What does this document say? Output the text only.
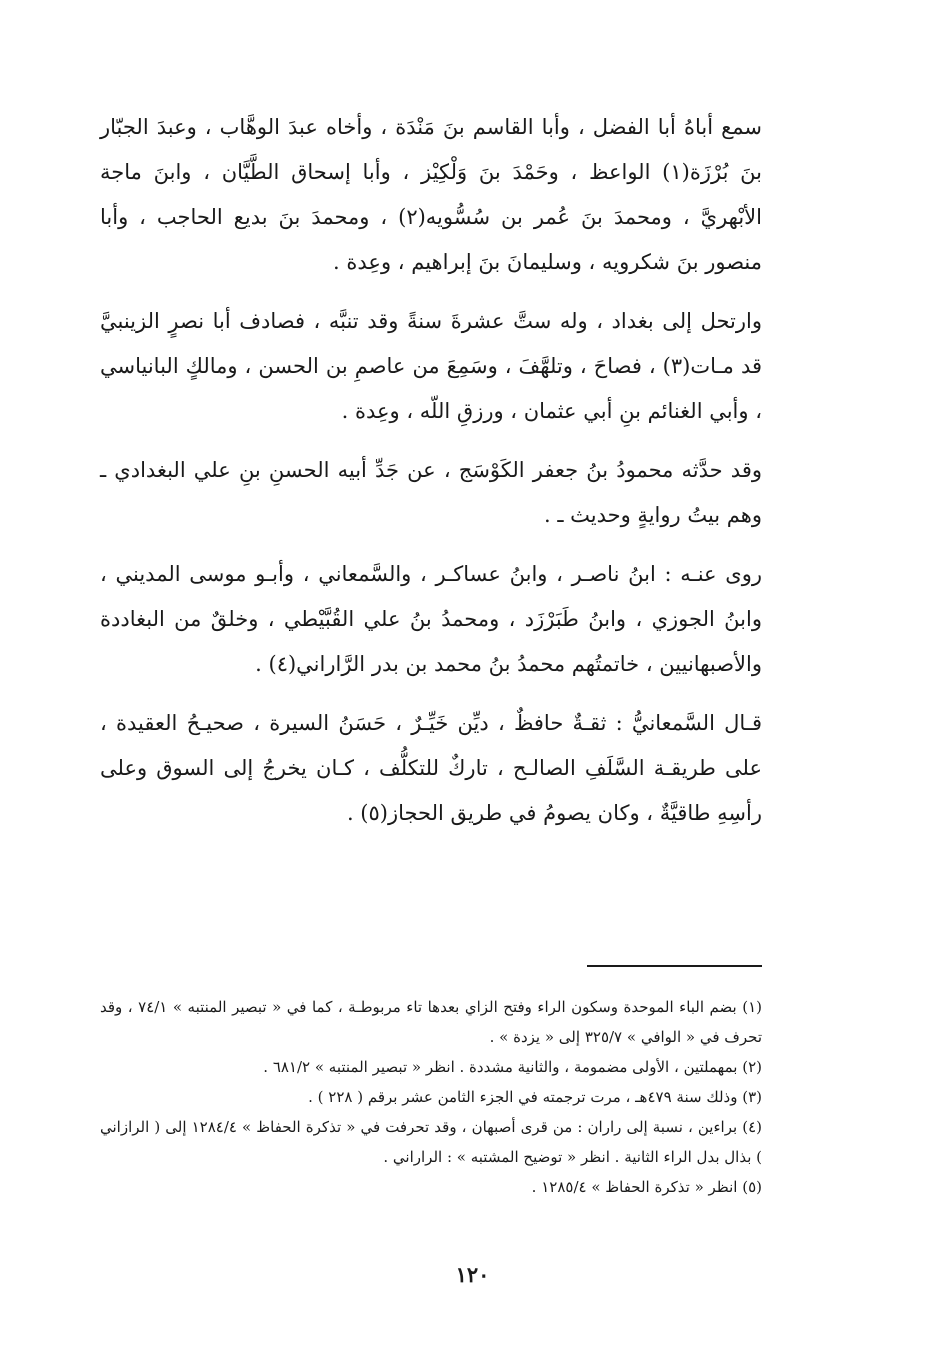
سمع أباهُ أبا الفضل ، وأبا القاسم بنَ مَنْدَة ، وأخاه عبدَ الوهَّاب ، وعبدَ الجبّار بنَ بُرْزَة(١) الواعظ ، وحَمْدَ بنَ وَلْكِيْز ، وأبا إسحاق الطَّيَّان ، وابنَ ماجة الأبْهريَّ ، ومحمدَ بنَ عُمر بن سُسُّويه(٢) ، ومحمدَ بنَ بديع الحاجب ، وأبا منصور بنَ شكرويه ، وسليمانَ بنَ إبراهيم ، وعِدة .

وارتحل إلى بغداد ، وله ستَّ عشرةَ سنةً وقد تنبَّه ، فصادف أبا نصرٍ الزينبيَّ قد مـات(٣) ، فصاحَ ، وتلهَّفَ ، وسَمِعَ من عاصمِ بن الحسن ، ومالكٍ البانياسي ، وأبي الغنائم بنِ أبي عثمان ، ورزقِ اللّه ، وعِدة .

وقد حدَّثه محمودُ بنُ جعفر الكَوْسَج ، عن جَدِّ أبيه الحسنِ بنِ علي البغدادي ـ وهم بيتُ روايةٍ وحديث ـ .

روى عنـه : ابنُ ناصـر ، وابنُ عساكـر ، والسَّمعاني ، وأبـو موسى المديني ، وابنُ الجوزي ، وابنُ طَبَرْزَد ، ومحمدُ بنُ علي القُبَّيْطي ، وخلقٌ من البغاددة والأصبهانيين ، خاتمتُهم محمدُ بنُ محمد بن بدر الرَّاراني(٤) .

قـال السَّمعانيُّ : ثقـةٌ حافظٌ ، ديِّن خَيِّـرٌ ، حَسَنُ السيرة ، صحيـحُ العقيدة ، على طريقـة السَّلَفِ الصالـح ، تاركٌ للتكلُّف ، كـان يخرجُ إلى السوق وعلى رأسِهِ طاقيَّةٌ ، وكان يصومُ في طريق الحجاز(٥) .

(١) بضم الباء الموحدة وسكون الراء وفتح الزاي بعدها تاء مربوطـة ، كما في « تبصير المنتبه » ٧٤/١ ، وقد تحرف في « الوافي » ٣٢٥/٧ إلى « يزدة » .

(٢) بمهملتين ، الأولى مضمومة ، والثانية مشددة . انظر « تبصير المنتبه » ٦٨١/٢ .

(٣) وذلك سنة ٤٧٩هـ ، مرت ترجمته في الجزء الثامن عشر برقم ( ٢٢٨ ) .

(٤) براءين ، نسبة إلى راران : من قرى أصبهان ، وقد تحرفت في « تذكرة الحفاظ » ١٢٨٤/٤ إلى ( الرازاني ) بذال بدل الراء الثانية . انظر « توضيح المشتبه » : الراراني .

(٥) انظر « تذكرة الحفاظ » ١٢٨٥/٤ .

١٢٠
